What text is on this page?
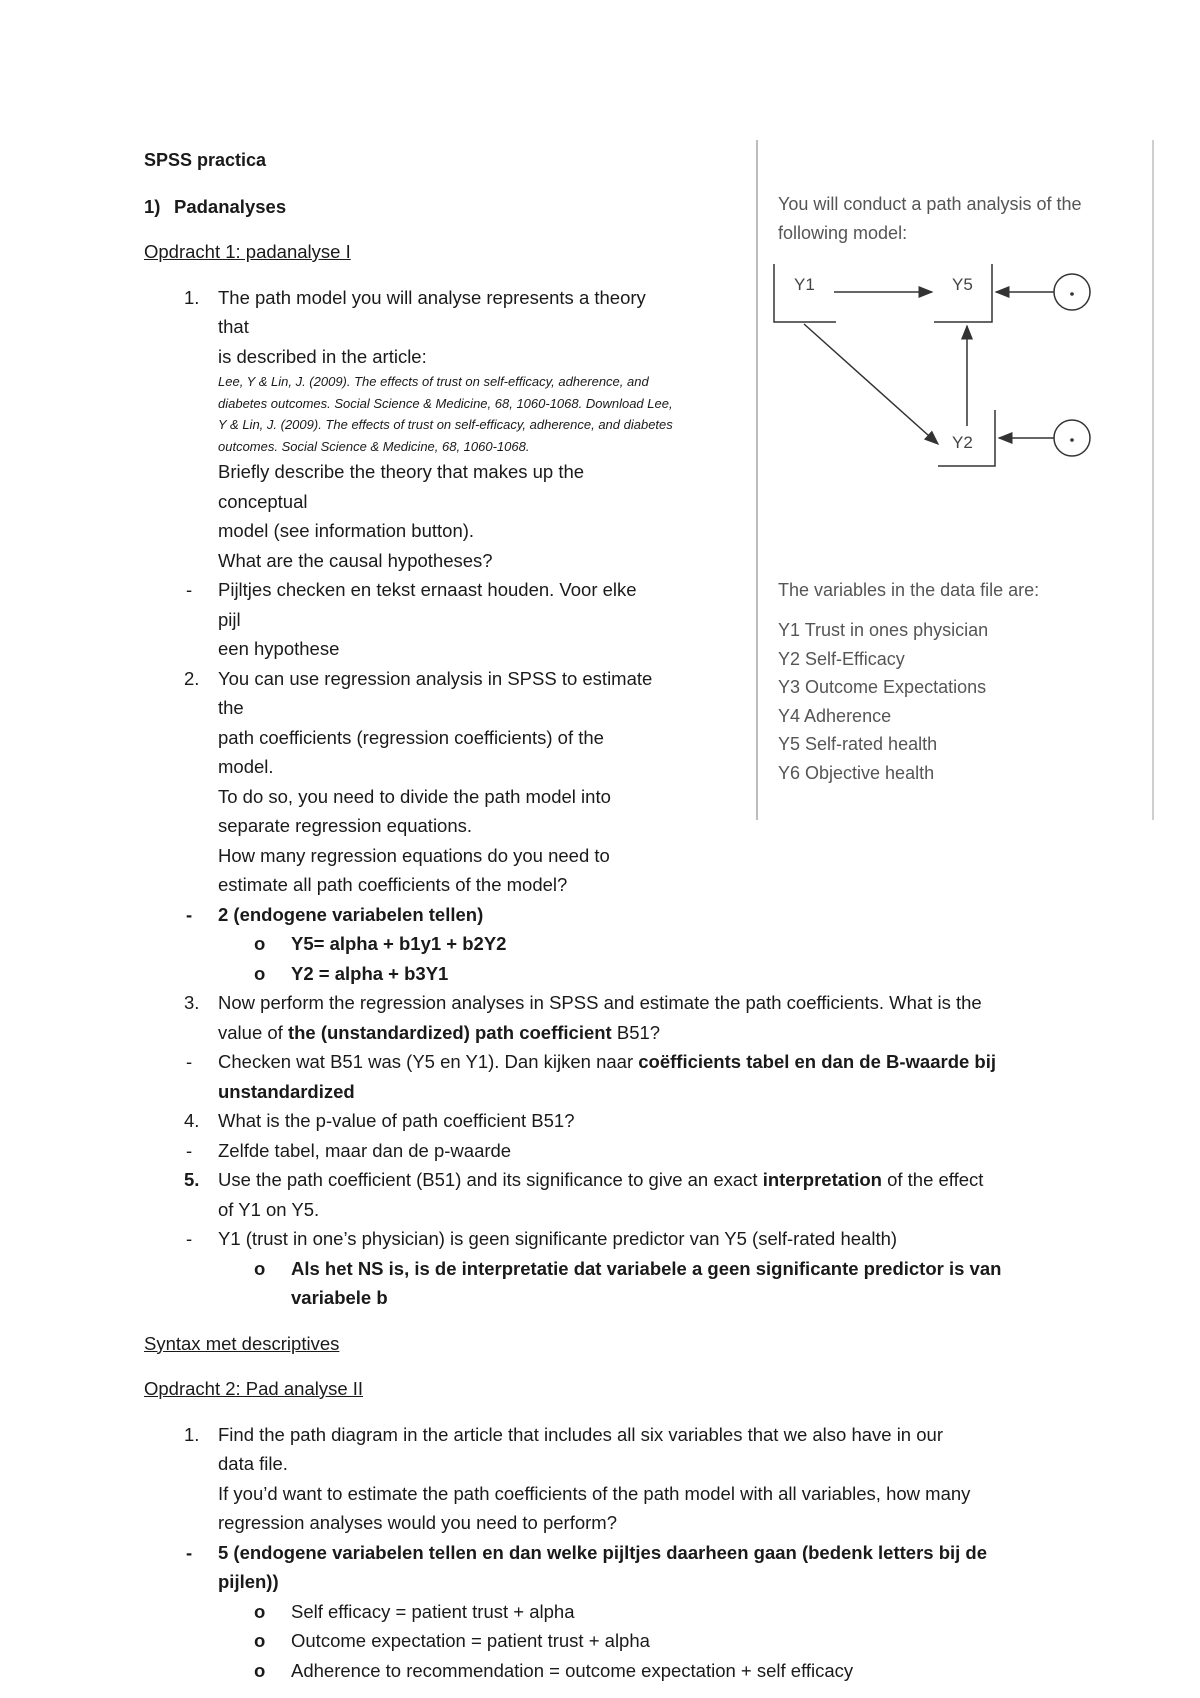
SPSS practica
1) Padanalyses
Opdracht 1: padanalyse I
1. The path model you will analyse represents a theory that
is described in the article:
Lee, Y & Lin, J. (2009). The effects of trust on self-efficacy, adherence, and
diabetes outcomes. Social Science & Medicine, 68, 1060-1068. Download Lee,
Y & Lin, J. (2009). The effects of trust on self-efficacy, adherence, and diabetes
outcomes. Social Science & Medicine, 68, 1060-1068.
Briefly describe the theory that makes up the conceptual
model (see information button).
What are the causal hypotheses?
- Pijltjes checken en tekst ernaast houden. Voor elke pijl
een hypothese
2. You can use regression analysis in SPSS to estimate the
path coefficients (regression coefficients) of the model.
To do so, you need to divide the path model into
separate regression equations.
How many regression equations do you need to
estimate all path coefficients of the model?
- 2 (endogene variabelen tellen)
o Y5= alpha + b1y1 + b2Y2
o Y2 = alpha + b3Y1
3. Now perform the regression analyses in SPSS and estimate the path coefficients. What is the
value of the (unstandardized) path coefficient B51?
- Checken wat B51 was (Y5 en Y1). Dan kijken naar coëfficients tabel en dan de B-waarde bij
unstandardized
4. What is the p-value of path coefficient B51?
- Zelfde tabel, maar dan de p-waarde
5. Use the path coefficient (B51) and its significance to give an exact interpretation of the effect
of Y1 on Y5.
- Y1 (trust in one’s physician) is geen significante predictor van Y5 (self-rated health)
o Als het NS is, is de interpretatie dat variabele a geen significante predictor is van
variabele b
Syntax met descriptives
Opdracht 2: Pad analyse II
1. Find the path diagram in the article that includes all six variables that we also have in our
data file.
If you’d want to estimate the path coefficients of the path model with all variables, how many
regression analyses would you need to perform?
- 5 (endogene variabelen tellen en dan welke pijltjes daarheen gaan (bedenk letters bij de
pijlen))
o Self efficacy = patient trust + alpha
o Outcome expectation = patient trust + alpha
o Adherence to recommendation = outcome expectation + self efficacy
You will conduct a path analysis of the
following model:
Y1	Y5
Y2
The variables in the data file are:
Y1 Trust in ones physician
Y2 Self-Efficacy
Y3 Outcome Expectations
Y4 Adherence
Y5 Self-rated health
Y6 Objective health
